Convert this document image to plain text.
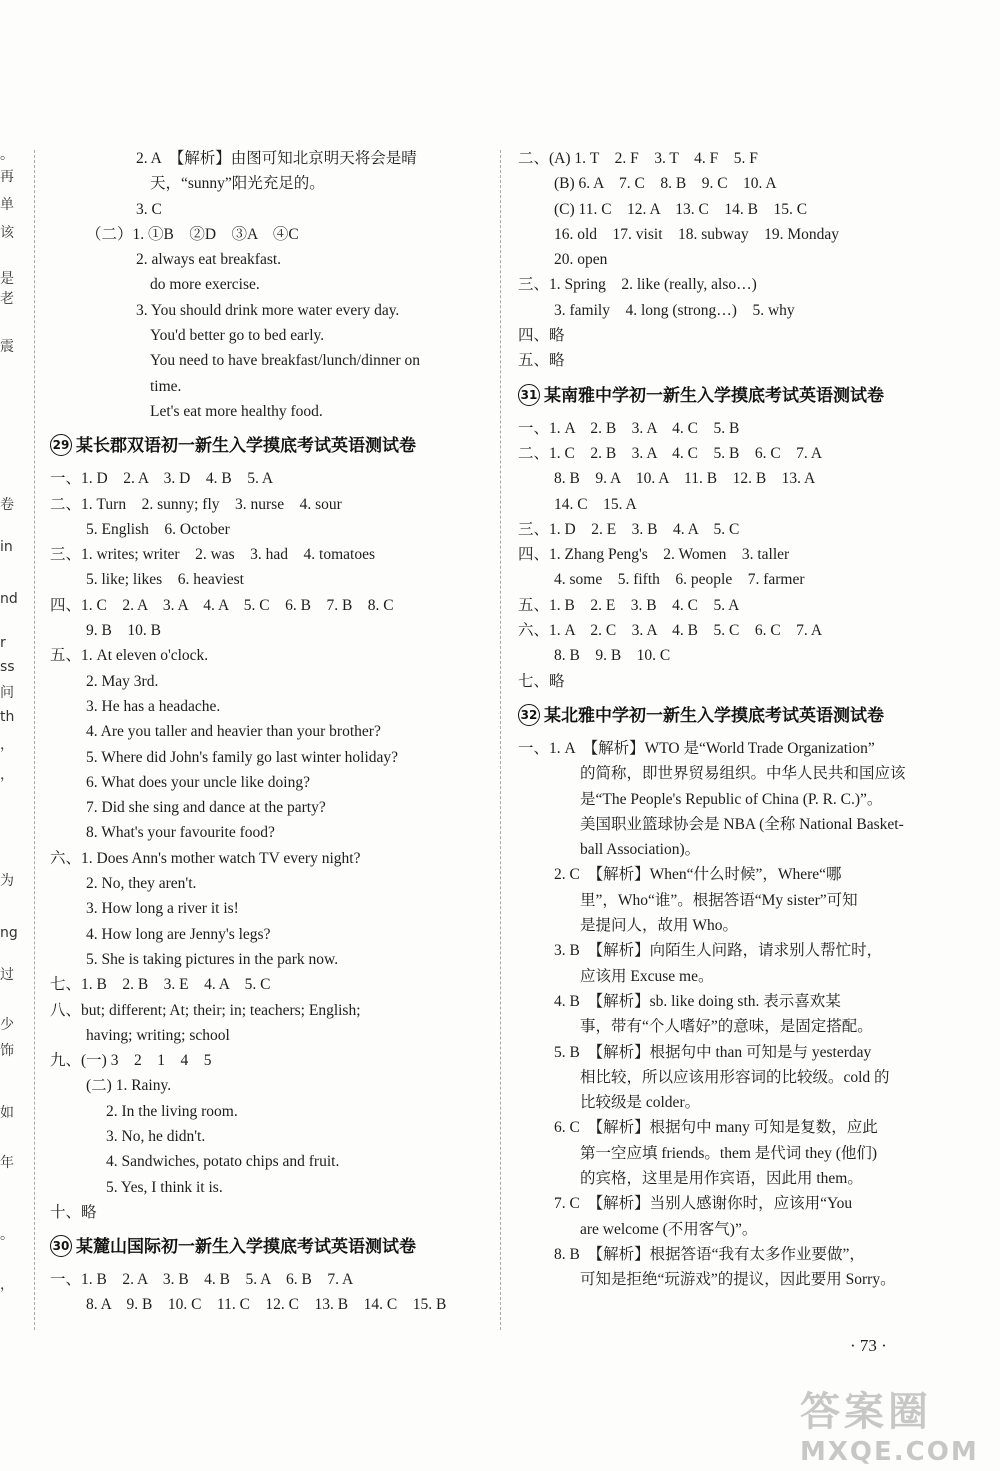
。
再
单
该
是
老
震
卷
in
nd
r
ss
问
th
，
，
为
ng
过
少
饰
如
年
。
，
2. A　【解析】由图可知北京明天将会是晴
天，“sunny”阳光充足的。
3. C
（二）1. ①B　②D　③A　④C
2. always eat breakfast.
do more exercise.
3. You should drink more water every day.
You'd better go to bed early.
You need to have breakfast/lunch/dinner on
time.
Let's eat more healthy food.
29 某长郡双语初一新生入学摸底考试英语测试卷
一、1. D　2. A　3. D　4. B　5. A
二、1. Turn　2. sunny; fly　3. nurse　4. sour
5. English　6. October
三、1. writes; writer　2. was　3. had　4. tomatoes
5. like; likes　6. heaviest
四、1. C　2. A　3. A　4. A　5. C　6. B　7. B　8. C
9. B　10. B
五、1. At eleven o'clock.
2. May 3rd.
3. He has a headache.
4. Are you taller and heavier than your brother?
5. Where did John's family go last winter holiday?
6. What does your uncle like doing?
7. Did she sing and dance at the party?
8. What's your favourite food?
六、1. Does Ann's mother watch TV every night?
2. No, they aren't.
3. How long a river it is!
4. How long are Jenny's legs?
5. She is taking pictures in the park now.
七、1. B　2. B　3. E　4. A　5. C
八、but; different; At; their; in; teachers; English;
having; writing; school
九、(一) 3　2　1　4　5
(二) 1. Rainy.
2. In the living room.
3. No, he didn't.
4. Sandwiches, potato chips and fruit.
5. Yes, I think it is.
十、略
30 某麓山国际初一新生入学摸底考试英语测试卷
一、1. B　2. A　3. B　4. B　5. A　6. B　7. A
8. A　9. B　10. C　11. C　12. C　13. B　14. C　15. B
二、(A) 1. T　2. F　3. T　4. F　5. F
(B) 6. A　7. C　8. B　9. C　10. A
(C) 11. C　12. A　13. C　14. B　15. C
16. old　17. visit　18. subway　19. Monday
20. open
三、1. Spring　2. like (really, also…)
3. family　4. long (strong…)　5. why
四、略
五、略
31 某南雅中学初一新生入学摸底考试英语测试卷
一、1. A　2. B　3. A　4. C　5. B
二、1. C　2. B　3. A　4. C　5. B　6. C　7. A
8. B　9. A　10. A　11. B　12. B　13. A
14. C　15. A
三、1. D　2. E　3. B　4. A　5. C
四、1. Zhang Peng's　2. Women　3. taller
4. some　5. fifth　6. people　7. farmer
五、1. B　2. E　3. B　4. C　5. A
六、1. A　2. C　3. A　4. B　5. C　6. C　7. A
8. B　9. B　10. C
七、略
32 某北雅中学初一新生入学摸底考试英语测试卷
一、1. A　【解析】WTO 是“World Trade Organization”
的简称，即世界贸易组织。中华人民共和国应该
是“The People's Republic of China (P. R. C.)”。
美国职业篮球协会是 NBA (全称 National Basket-
ball Association)。
2. C　【解析】When“什么时候”，Where“哪
里”，Who“谁”。根据答语“My sister”可知
是提问人，故用 Who。
3. B　【解析】向陌生人问路，请求别人帮忙时，
应该用 Excuse me。
4. B　【解析】sb. like doing sth. 表示喜欢某
事，带有“个人嗜好”的意味，是固定搭配。
5. B　【解析】根据句中 than 可知是与 yesterday
相比较，所以应该用形容词的比较级。cold 的
比较级是 colder。
6. C　【解析】根据句中 many 可知是复数，应此
第一空应填 friends。them 是代词 they (他们)
的宾格，这里是用作宾语，因此用 them。
7. C　【解析】当别人感谢你时，应该用“You
are welcome (不用客气)”。
8. B　【解析】根据答语“我有太多作业要做”，
可知是拒绝“玩游戏”的提议，因此要用 Sorry。
· 73 ·
答案圈
MXQE.COM
